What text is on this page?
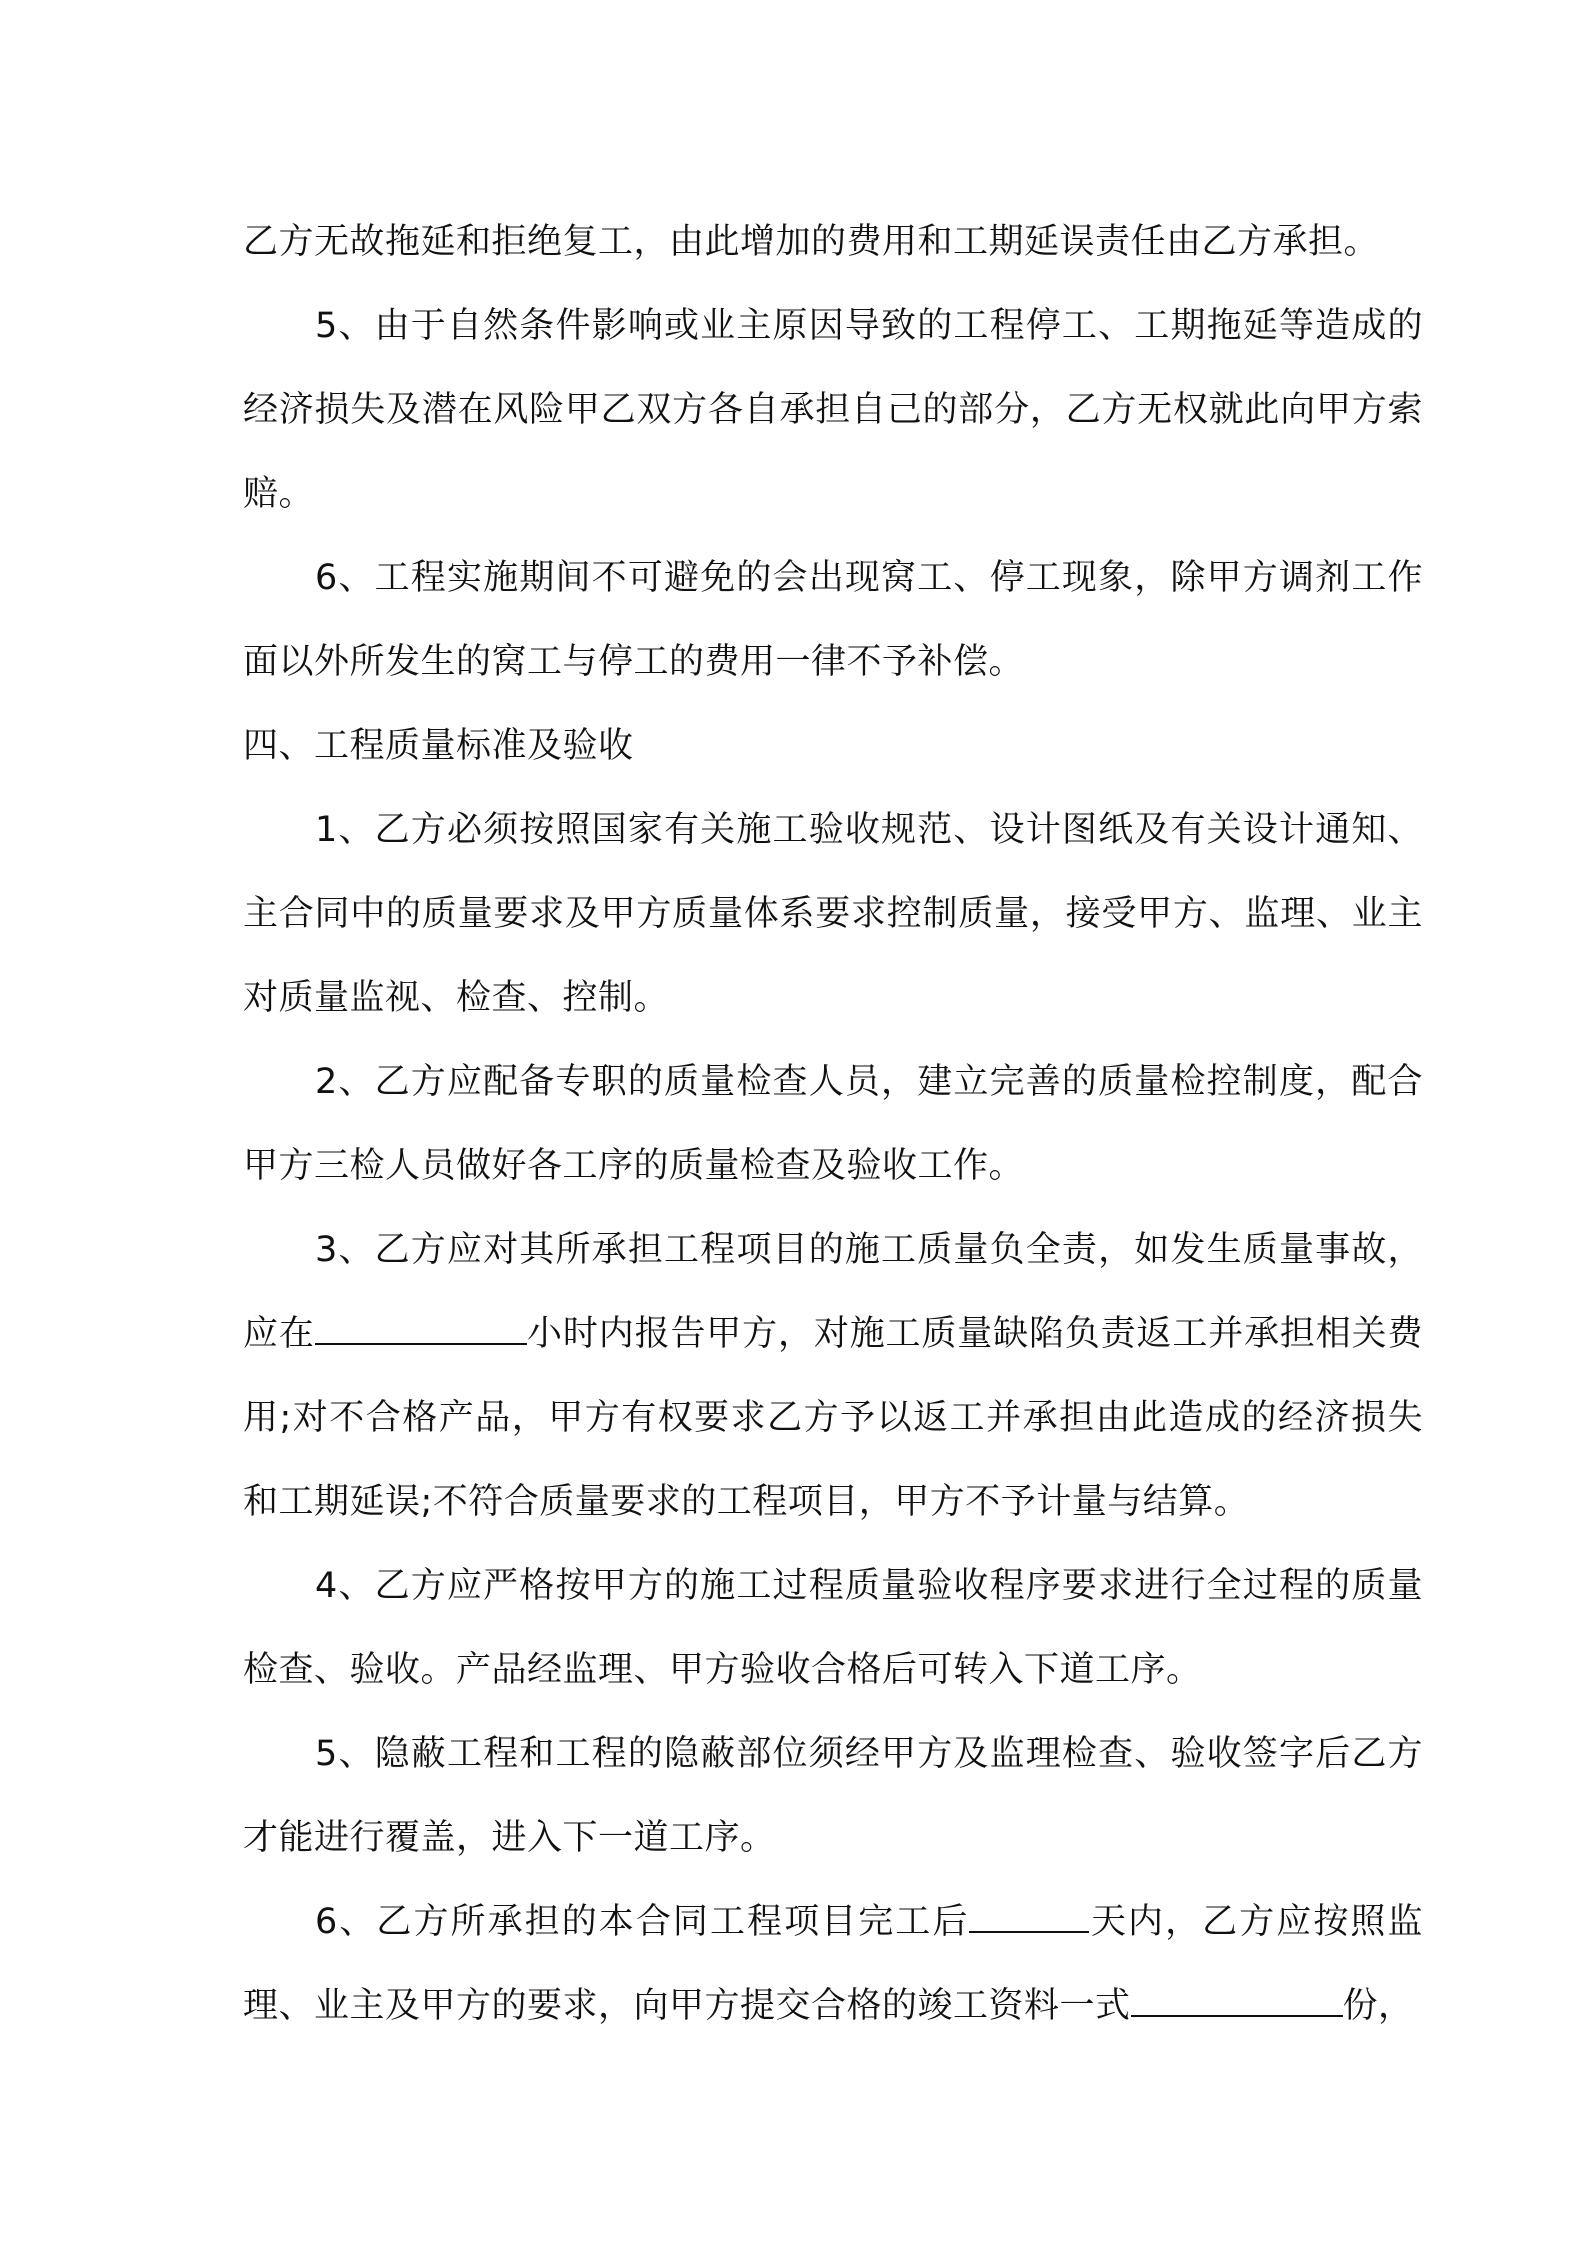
乙方无故拖延和拒绝复工，由此增加的费用和工期延误责任由乙方承担。

5、由于自然条件影响或业主原因导致的工程停工、工期拖延等造成的经济损失及潜在风险甲乙双方各自承担自己的部分，乙方无权就此向甲方索赔。

6、工程实施期间不可避免的会出现窝工、停工现象，除甲方调剂工作面以外所发生的窝工与停工的费用一律不予补偿。

四、工程质量标准及验收

1、乙方必须按照国家有关施工验收规范、设计图纸及有关设计通知、主合同中的质量要求及甲方质量体系要求控制质量，接受甲方、监理、业主对质量监视、检查、控制。

2、乙方应配备专职的质量检查人员，建立完善的质量检控制度，配合甲方三检人员做好各工序的质量检查及验收工作。

3、乙方应对其所承担工程项目的施工质量负全责，如发生质量事故，应在	小时内报告甲方，对施工质量缺陷负责返工并承担相关费用;对不合格产品，甲方有权要求乙方予以返工并承担由此造成的经济损失和工期延误;不符合质量要求的工程项目，甲方不予计量与结算。

4、乙方应严格按甲方的施工过程质量验收程序要求进行全过程的质量检查、验收。产品经监理、甲方验收合格后可转入下道工序。

5、隐蔽工程和工程的隐蔽部位须经甲方及监理检查、验收签字后乙方才能进行覆盖，进入下一道工序。

6、乙方所承担的本合同工程项目完工后	天内，乙方应按照监理、业主及甲方的要求，向甲方提交合格的竣工资料一式	份，
